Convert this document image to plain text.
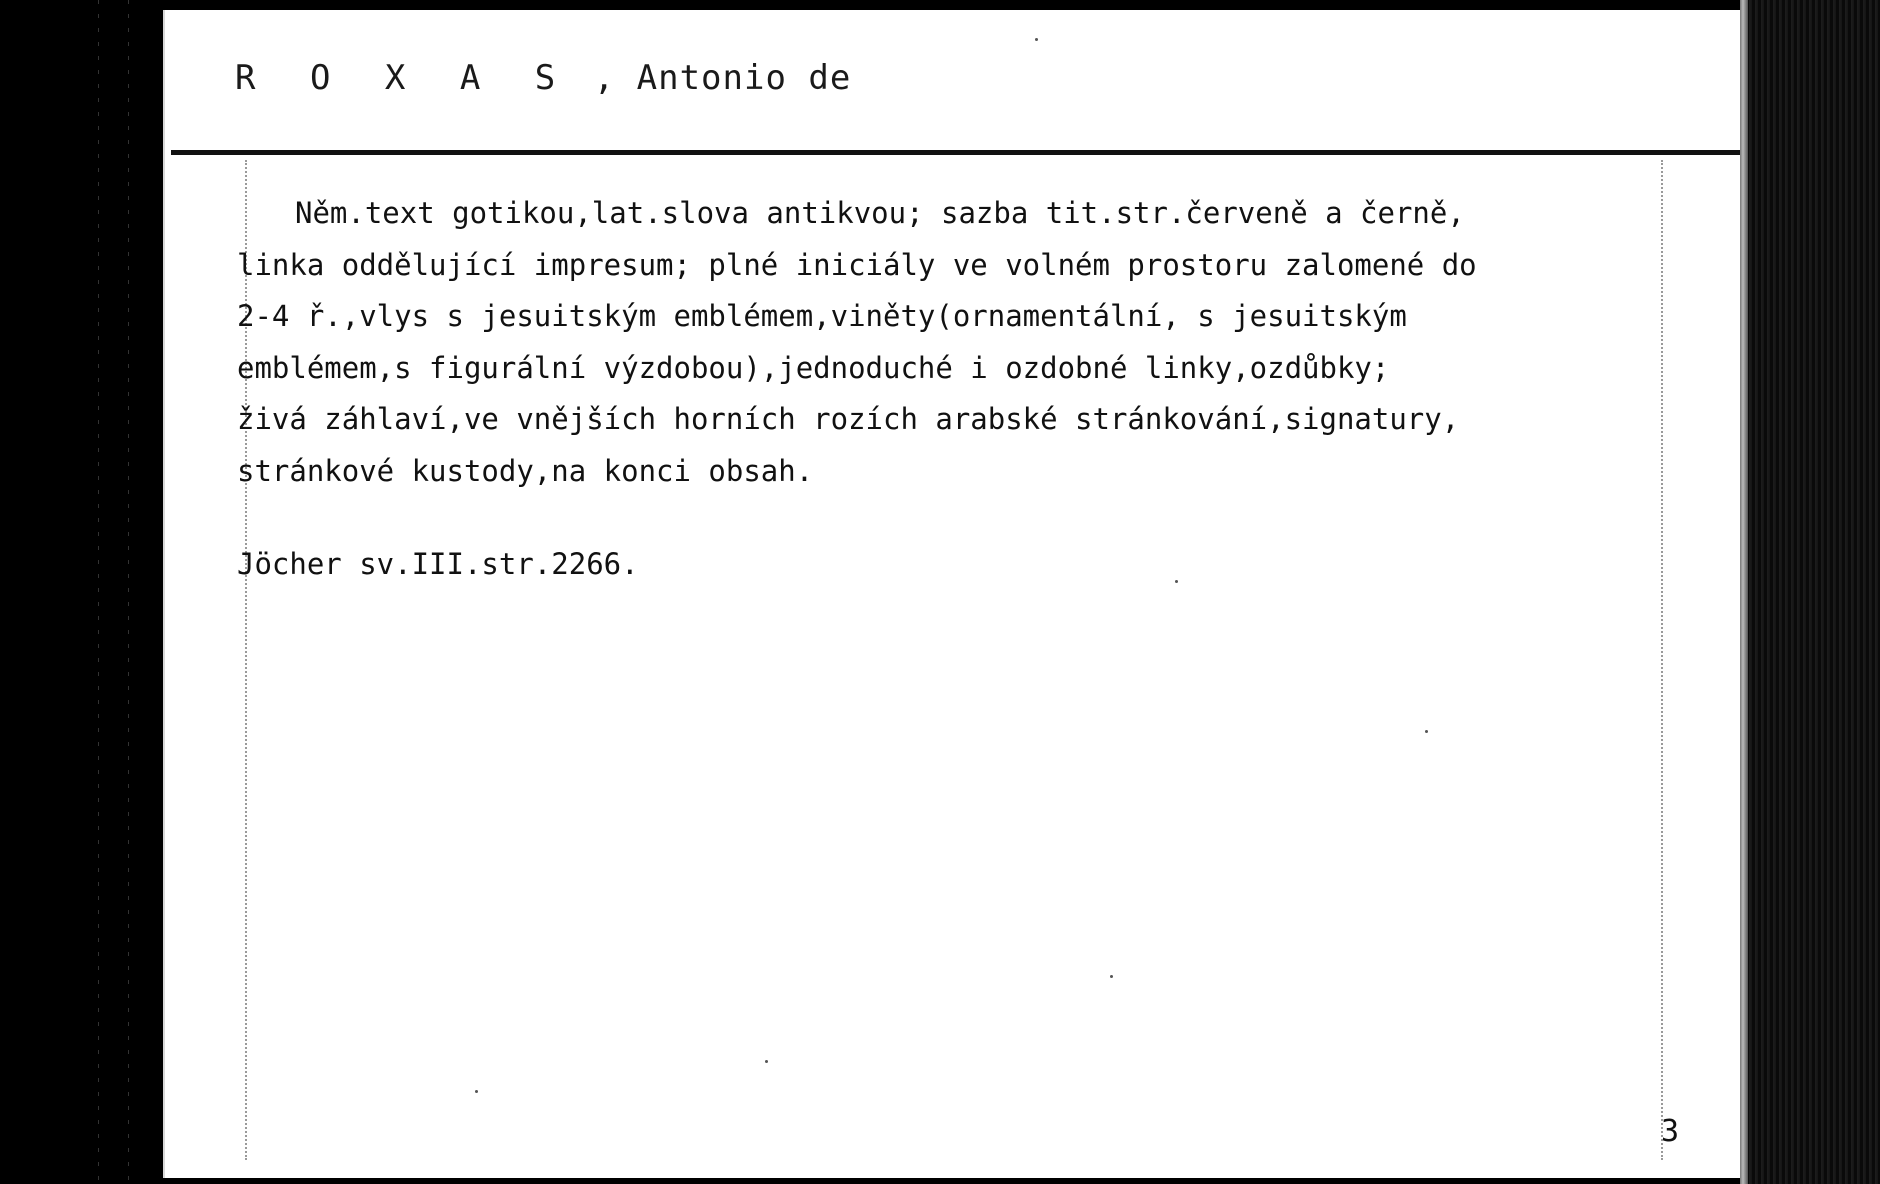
R O X A S , Antonio de
Něm.text gotikou,lat.slova antikvou; sazba tit.str.červeně a černě,
linka oddělující impresum; plné iniciály ve volném prostoru zalomené do
2-4 ř.,vlys s jesuitským emblémem,viněty(ornamentální, s jesuitským
emblémem,s figurální výzdobou),jednoduché i ozdobné linky,ozdůbky;
živá záhlaví,ve vnějších horních rozích arabské stránkování,signatury,
stránkové kustody,na konci obsah.
Jöcher sv.III.str.2266.
3
